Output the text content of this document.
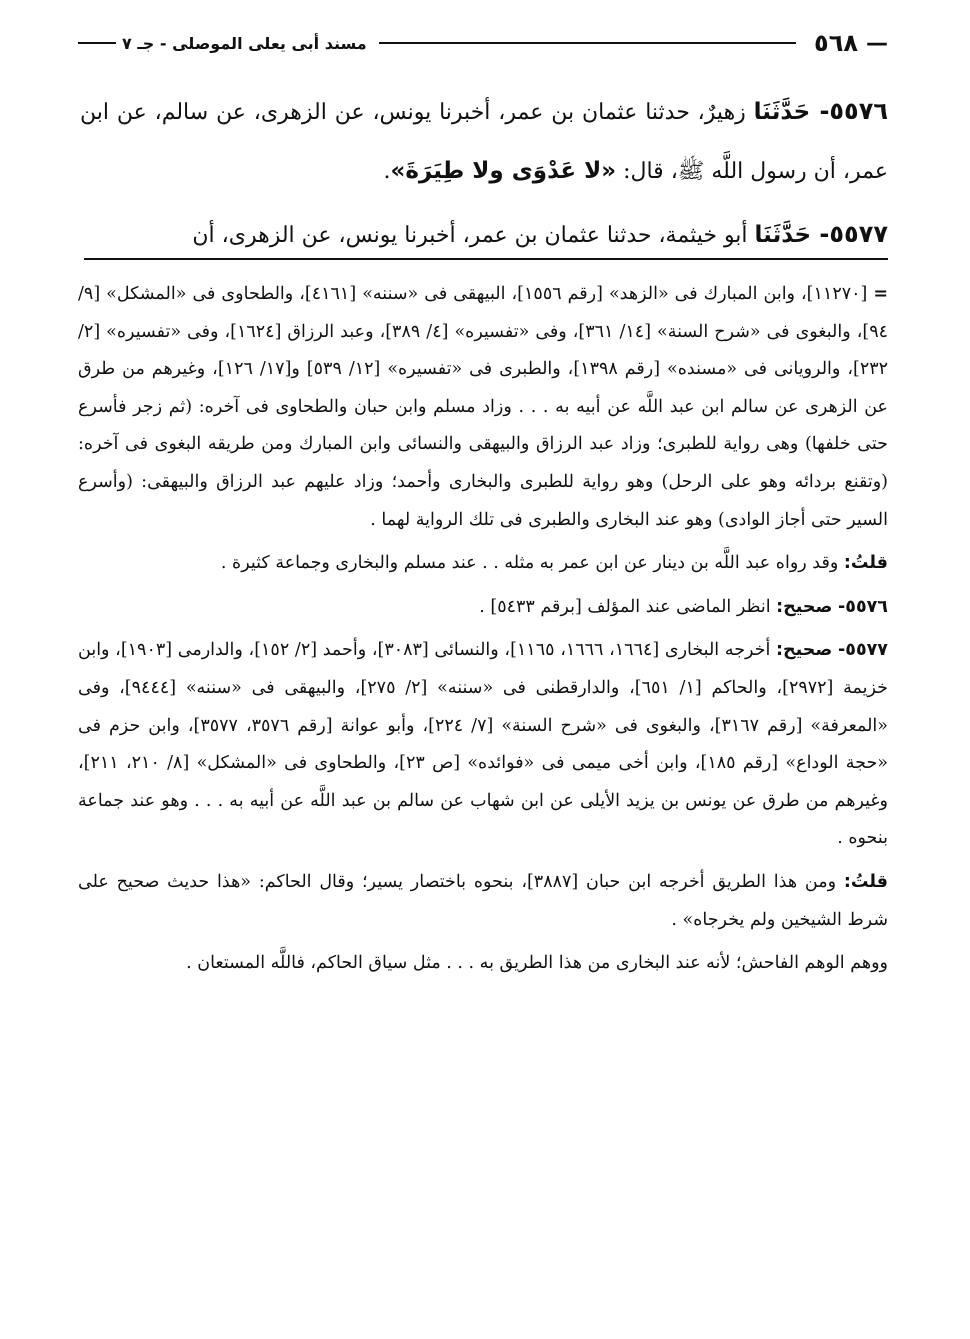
—
٥٦٨
مسند أبى يعلى الموصلى - جـ ٧

٥٥٧٦- حَدَّثَنَا زهيرٌ، حدثنا عثمان بن عمر، أخبرنا يونس، عن الزهرى، عن سالم، عن ابن عمر، أن رسول اللَّه ﷺ، قال: «لا عَدْوَى ولا طِيَرَةَ».

٥٥٧٧- حَدَّثَنَا أبو خيثمة، حدثنا عثمان بن عمر، أخبرنا يونس، عن الزهرى، أن

=[١١٢٧٠]، وابن المبارك فى «الزهد» [رقم ١٥٥٦]، البيهقى فى «سننه» [٤١٦١]، والطحاوى فى «المشكل» [٩/ ٩٤]، والبغوى فى «شرح السنة» [١٤/ ٣٦١]، وفى «تفسيره» [٤/ ٣٨٩]، وعبد الرزاق [١٦٢٤]، وفى «تفسيره» [٢/ ٢٣٢]، والرويانى فى «مسنده» [رقم ١٣٩٨]، والطبرى فى «تفسيره» [١٢/ ٥٣٩] و[١٧/ ١٢٦]، وغيرهم من طرق عن الزهرى عن سالم ابن عبد اللَّه عن أبيه به . . . وزاد مسلم وابن حبان والطحاوى فى آخره: (ثم زجر فأسرع حتى خلفها) وهى رواية للطبرى؛ وزاد عبد الرزاق والبيهقى والنسائى وابن المبارك ومن طريقه البغوى فى آخره: (وتقنع بردائه وهو على الرحل) وهو رواية للطبرى والبخارى وأحمد؛ وزاد عليهم عبد الرزاق والبيهقى: (وأسرع السير حتى أجاز الوادى) وهو عند البخارى والطبرى فى تلك الرواية لهما .

قلتُ: وقد رواه عبد اللَّه بن دينار عن ابن عمر به مثله . . عند مسلم والبخارى وجماعة كثيرة .

٥٥٧٦- صحيح: انظر الماضى عند المؤلف [برقم ٥٤٣٣] .

٥٥٧٧- صحيح: أخرجه البخارى [١٦٦٤، ١٦٦٦، ١١٦٥]، والنسائى [٣٠٨٣]، وأحمد [٢/ ١٥٢]، والدارمى [١٩٠٣]، وابن خزيمة [٢٩٧٢]، والحاكم [١/ ٦٥١]، والدارقطنى فى «سننه» [٢/ ٢٧٥]، والبيهقى فى «سننه» [٩٤٤٤]، وفى «المعرفة» [رقم ٣١٦٧]، والبغوى فى «شرح السنة» [٧/ ٢٢٤]، وأبو عوانة [رقم ٣٥٧٦، ٣٥٧٧]، وابن حزم فى «حجة الوداع» [رقم ١٨٥]، وابن أخى ميمى فى «فوائده» [ص ٢٣]، والطحاوى فى «المشكل» [٨/ ٢١٠، ٢١١]، وغيرهم من طرق عن يونس بن يزيد الأيلى عن ابن شهاب عن سالم بن عبد اللَّه عن أبيه به . . . وهو عند جماعة بنحوه .

قلتُ: ومن هذا الطريق أخرجه ابن حبان [٣٨٨٧]، بنحوه باختصار يسير؛ وقال الحاكم: «هذا حديث صحيح على شرط الشيخين ولم يخرجاه» .

ووهم الوهم الفاحش؛ لأنه عند البخارى من هذا الطريق به . . . مثل سياق الحاكم، فاللَّه المستعان .
